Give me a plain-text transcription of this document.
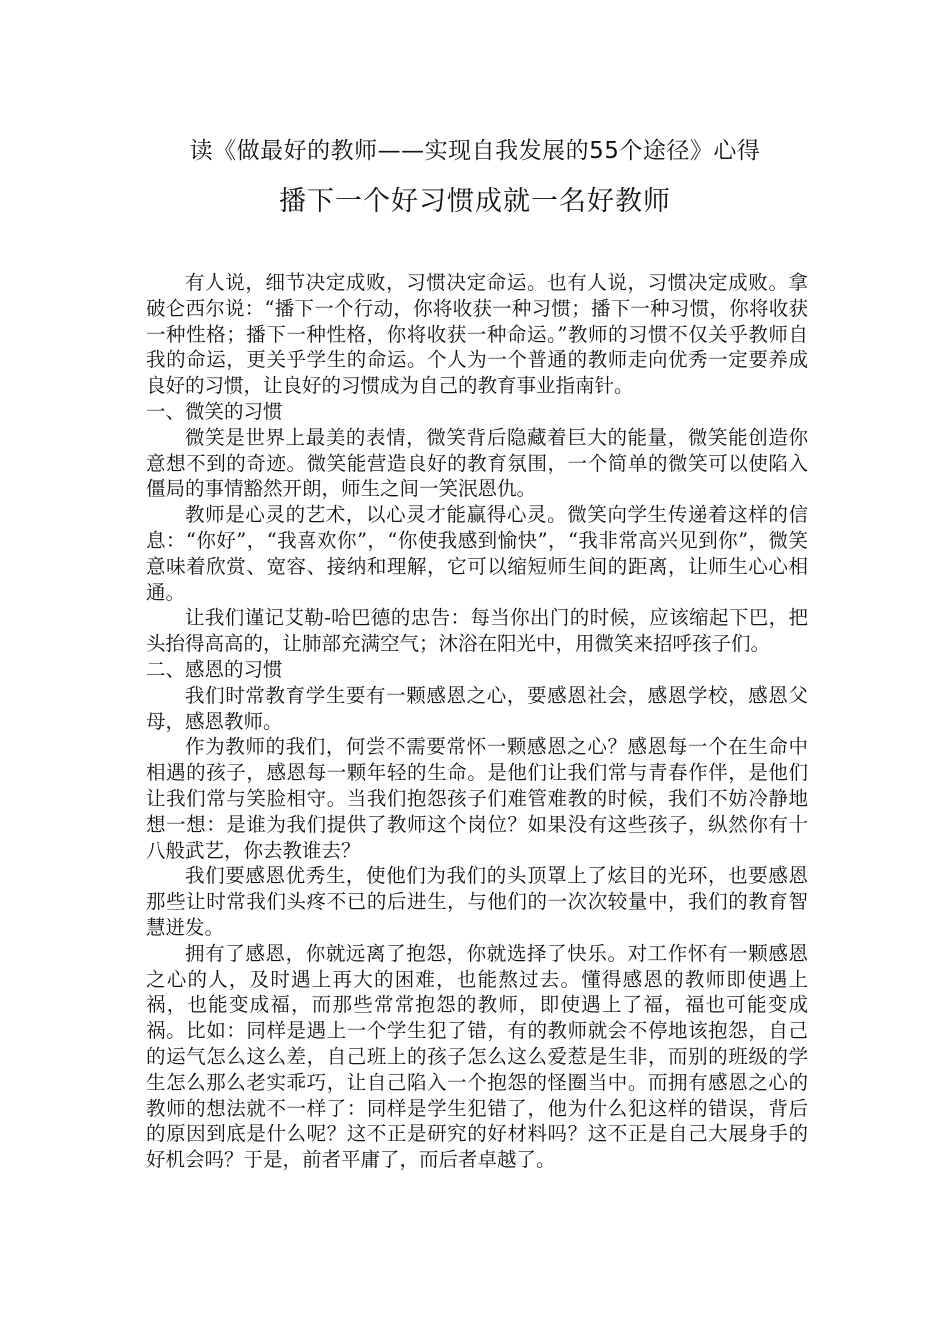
读《做最好的教师——实现自我发展的55个途径》心得
播下一个好习惯成就一名好教师

有人说，细节决定成败，习惯决定命运。也有人说，习惯决定成败。拿破仑西尔说：“播下一个行动，你将收获一种习惯；播下一种习惯，你将收获一种性格；播下一种性格，你将收获一种命运。”教师的习惯不仅关乎教师自我的命运，更关乎学生的命运。个人为一个普通的教师走向优秀一定要养成良好的习惯，让良好的习惯成为自己的教育事业指南针。

一、微笑的习惯

微笑是世界上最美的表情，微笑背后隐藏着巨大的能量，微笑能创造你意想不到的奇迹。微笑能营造良好的教育氛围，一个简单的微笑可以使陷入僵局的事情豁然开朗，师生之间一笑泯恩仇。

教师是心灵的艺术，以心灵才能赢得心灵。微笑向学生传递着这样的信息：“你好”，“我喜欢你”，“你使我感到愉快”，“我非常高兴见到你”，微笑意味着欣赏、宽容、接纳和理解，它可以缩短师生间的距离，让师生心心相通。

让我们谨记艾勒-哈巴德的忠告：每当你出门的时候，应该缩起下巴，把头抬得高高的，让肺部充满空气；沐浴在阳光中，用微笑来招呼孩子们。

二、感恩的习惯

我们时常教育学生要有一颗感恩之心，要感恩社会，感恩学校，感恩父母，感恩教师。

作为教师的我们，何尝不需要常怀一颗感恩之心？感恩每一个在生命中相遇的孩子，感恩每一颗年轻的生命。是他们让我们常与青春作伴，是他们让我们常与笑脸相守。当我们抱怨孩子们难管难教的时候，我们不妨冷静地想一想：是谁为我们提供了教师这个岗位？如果没有这些孩子，纵然你有十八般武艺，你去教谁去？

我们要感恩优秀生，使他们为我们的头顶罩上了炫目的光环，也要感恩那些让时常我们头疼不已的后进生，与他们的一次次较量中，我们的教育智慧迸发。

拥有了感恩，你就远离了抱怨，你就选择了快乐。对工作怀有一颗感恩之心的人，及时遇上再大的困难，也能熬过去。懂得感恩的教师即使遇上祸，也能变成福，而那些常常抱怨的教师，即使遇上了福，福也可能变成祸。比如：同样是遇上一个学生犯了错，有的教师就会不停地该抱怨，自己的运气怎么这么差，自己班上的孩子怎么这么爱惹是生非，而别的班级的学生怎么那么老实乖巧，让自己陷入一个抱怨的怪圈当中。而拥有感恩之心的教师的想法就不一样了：同样是学生犯错了，他为什么犯这样的错误，背后的原因到底是什么呢？这不正是研究的好材料吗？这不正是自己大展身手的好机会吗？于是，前者平庸了，而后者卓越了。
